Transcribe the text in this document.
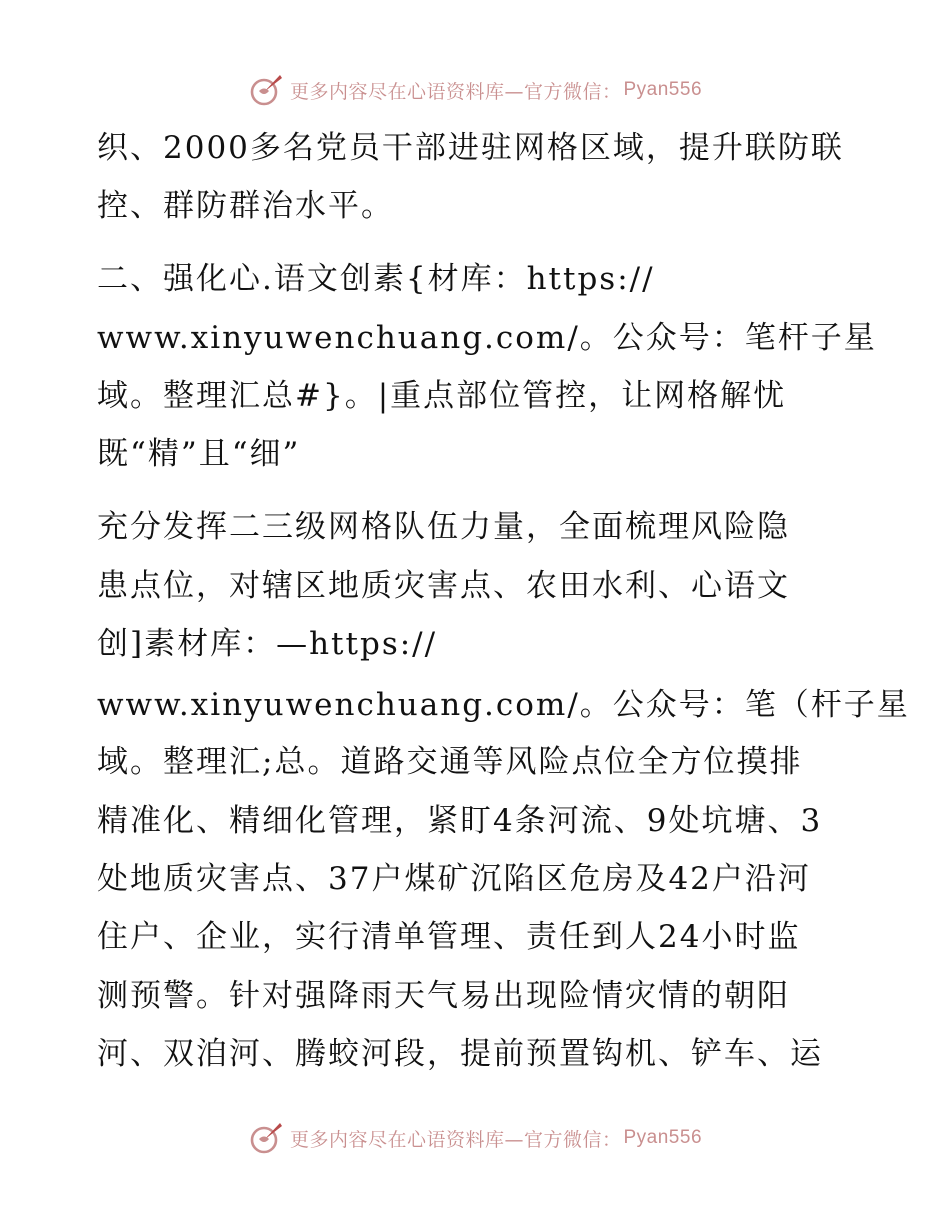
更多内容尽在心语资料库—官方微信： Pyan556
织、2000多名党员干部进驻网格区域，提升联防联
控、群防群治水平。
二、强化心.语文创素{材库：https://
www.xinyuwenchuang.com/。公众号：笔杆子星
域。整理汇总#}。|重点部位管控，让网格解忧
既“精”且“细”
充分发挥二三级网格队伍力量，全面梳理风险隐
患点位，对辖区地质灾害点、农田水利、心语文
创]素材库：—https://
www.xinyuwenchuang.com/。公众号：笔（杆子星
域。整理汇;总。道路交通等风险点位全方位摸排
精准化、精细化管理，紧盯4条河流、9处坑塘、3
处地质灾害点、37户煤矿沉陷区危房及42户沿河
住户、企业，实行清单管理、责任到人24小时监
测预警。针对强降雨天气易出现险情灾情的朝阳
河、双洎河、腾蛟河段，提前预置钩机、铲车、运
更多内容尽在心语资料库—官方微信： Pyan556
